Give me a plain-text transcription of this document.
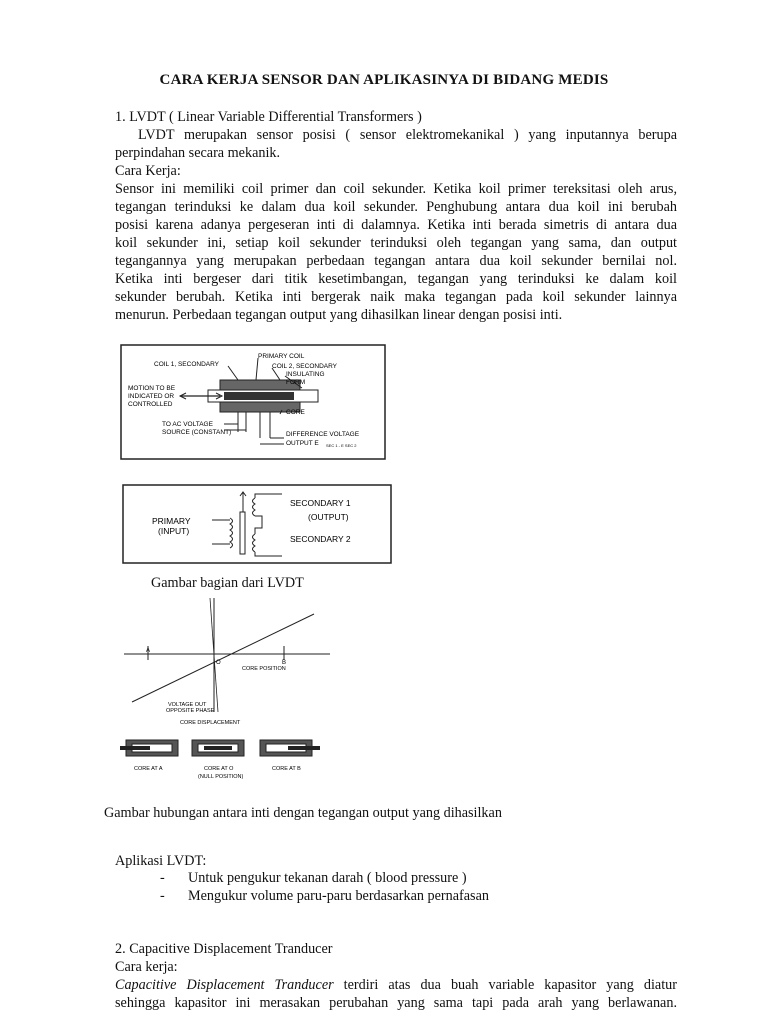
CARA KERJA SENSOR DAN APLIKASINYA DI BIDANG MEDIS
1. LVDT ( Linear Variable Differential Transformers )
LVDT merupakan sensor posisi ( sensor elektromekanikal ) yang inputannya berupa
perpindahan secara mekanik.
Cara Kerja:
Sensor ini memiliki coil primer dan coil sekunder. Ketika koil primer tereksitasi oleh arus,
tegangan terinduksi ke dalam dua koil sekunder. Penghubung antara dua koil ini berubah
posisi karena adanya pergeseran inti di dalamnya. Ketika inti berada simetris di antara dua
koil sekunder ini, setiap koil sekunder terinduksi oleh tegangan yang sama, dan output
tegangannya yang merupakan perbedaan tegangan antara dua koil sekunder bernilai nol.
Ketika inti bergeser dari titik kesetimbangan, tegangan yang terinduksi ke dalam koil
sekunder berubah. Ketika inti bergerak naik maka tegangan pada koil sekunder lainnya
menurun. Perbedaan tegangan output yang dihasilkan linear dengan posisi inti.
COIL 1, SECONDARY
PRIMARY COIL
COIL 2, SECONDARY
INSULATING
FORM
MOTION TO BE
INDICATED OR
CONTROLLED
CORE
TO AC VOLTAGE
SOURCE (CONSTANT)	DIFFERENCE VOLTAGE
OUTPUT E SEC 1 - E SEC 2
PRIMARY
(INPUT)
SECONDARY 1
(OUTPUT)
SECONDARY 2
Gambar bagian dari LVDT
A
O	B
CORE POSITION
VOLTAGE OUT
OPPOSITE PHASE
CORE DISPLACEMENT
CORE AT A	CORE AT O
(NULL POSITION)
CORE AT B
Gambar hubungan antara inti dengan tegangan output yang dihasilkan
Aplikasi LVDT:
- Untuk pengukur tekanan darah ( blood pressure )
- Mengukur volume paru-paru berdasarkan pernafasan
2. Capacitive Displacement Tranducer
Cara kerja:
Capacitive Displacement Tranducer terdiri atas dua buah variable kapasitor yang diatur
sehingga kapasitor ini merasakan perubahan yang sama tapi pada arah yang berlawanan.
